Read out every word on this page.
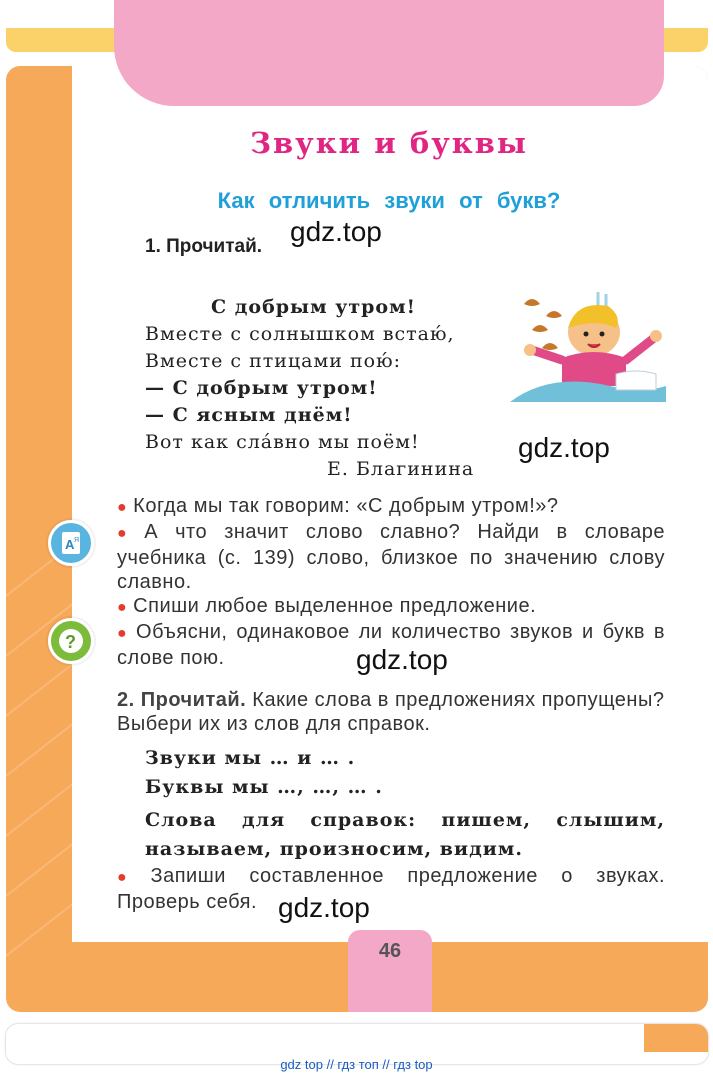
Звуки и буквы
Как отличить звуки от букв?
1. Прочитай. gdz.top
С добрым утром!
Вместе с солнышком встаю́,
Вместе с птицами пою́:
— С добрым утром!
— С ясным днём!
Вот как сла́вно мы поём!
Е. Благинина
gdz.top
A Я
?
● Когда мы так говорим: «С добрым утром!»?
● А что значит слово славно? Найди в словаре учебника (с. 139) слово, близкое по значению слову славно.
● Спиши любое выделенное предложение.
● Объясни, одинаковое ли количество звуков и букв в слове пою.	gdz.top
2. Прочитай. Какие слова в предложениях пропущены? Выбери их из слов для справок.
Звуки мы … и … .
Буквы мы …, …, … .
Слова для справок: пишем, слышим, называем, произносим, видим.
● Запиши составленное предложение о звуках. Проверь себя. gdz.top
46
gdz top // гдз топ // гдз top
